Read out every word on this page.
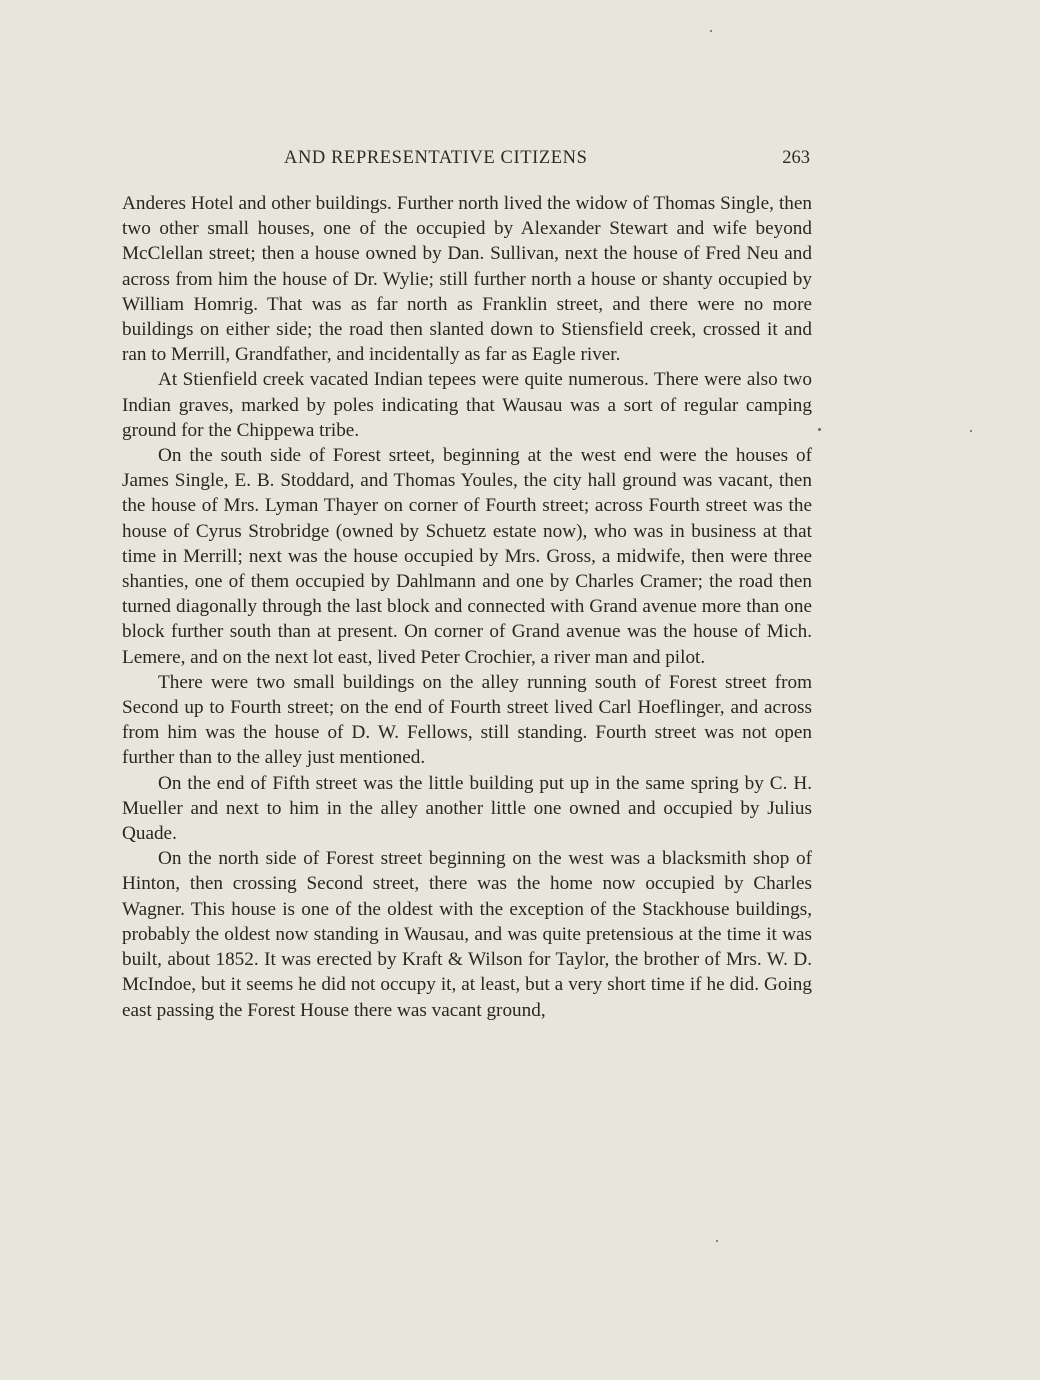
AND REPRESENTATIVE CITIZENS	263

Anderes Hotel and other buildings. Further north lived the widow of Thomas Single, then two other small houses, one of the occupied by Alexander Stewart and wife beyond McClellan street; then a house owned by Dan. Sullivan, next the house of Fred Neu and across from him the house of Dr. Wylie; still further north a house or shanty occupied by William Homrig. That was as far north as Franklin street, and there were no more buildings on either side; the road then slanted down to Stiensfield creek, crossed it and ran to Merrill, Grandfather, and incidentally as far as Eagle river.

At Stienfield creek vacated Indian tepees were quite numerous. There were also two Indian graves, marked by poles indicating that Wausau was a sort of regular camping ground for the Chippewa tribe.

On the south side of Forest srteet, beginning at the west end were the houses of James Single, E. B. Stoddard, and Thomas Youles, the city hall ground was vacant, then the house of Mrs. Lyman Thayer on corner of Fourth street; across Fourth street was the house of Cyrus Strobridge (owned by Schuetz estate now), who was in business at that time in Merrill; next was the house occupied by Mrs. Gross, a midwife, then were three shanties, one of them occupied by Dahlmann and one by Charles Cramer; the road then turned diagonally through the last block and connected with Grand avenue more than one block further south than at present. On corner of Grand avenue was the house of Mich. Lemere, and on the next lot east, lived Peter Crochier, a river man and pilot.

There were two small buildings on the alley running south of Forest street from Second up to Fourth street; on the end of Fourth street lived Carl Hoeflinger, and across from him was the house of D. W. Fellows, still standing. Fourth street was not open further than to the alley just mentioned.

On the end of Fifth street was the little building put up in the same spring by C. H. Mueller and next to him in the alley another little one owned and occupied by Julius Quade.

On the north side of Forest street beginning on the west was a blacksmith shop of Hinton, then crossing Second street, there was the home now occupied by Charles Wagner. This house is one of the oldest with the exception of the Stackhouse buildings, probably the oldest now standing in Wausau, and was quite pretensious at the time it was built, about 1852. It was erected by Kraft & Wilson for Taylor, the brother of Mrs. W. D. McIndoe, but it seems he did not occupy it, at least, but a very short time if he did. Going east passing the Forest House there was vacant ground,
